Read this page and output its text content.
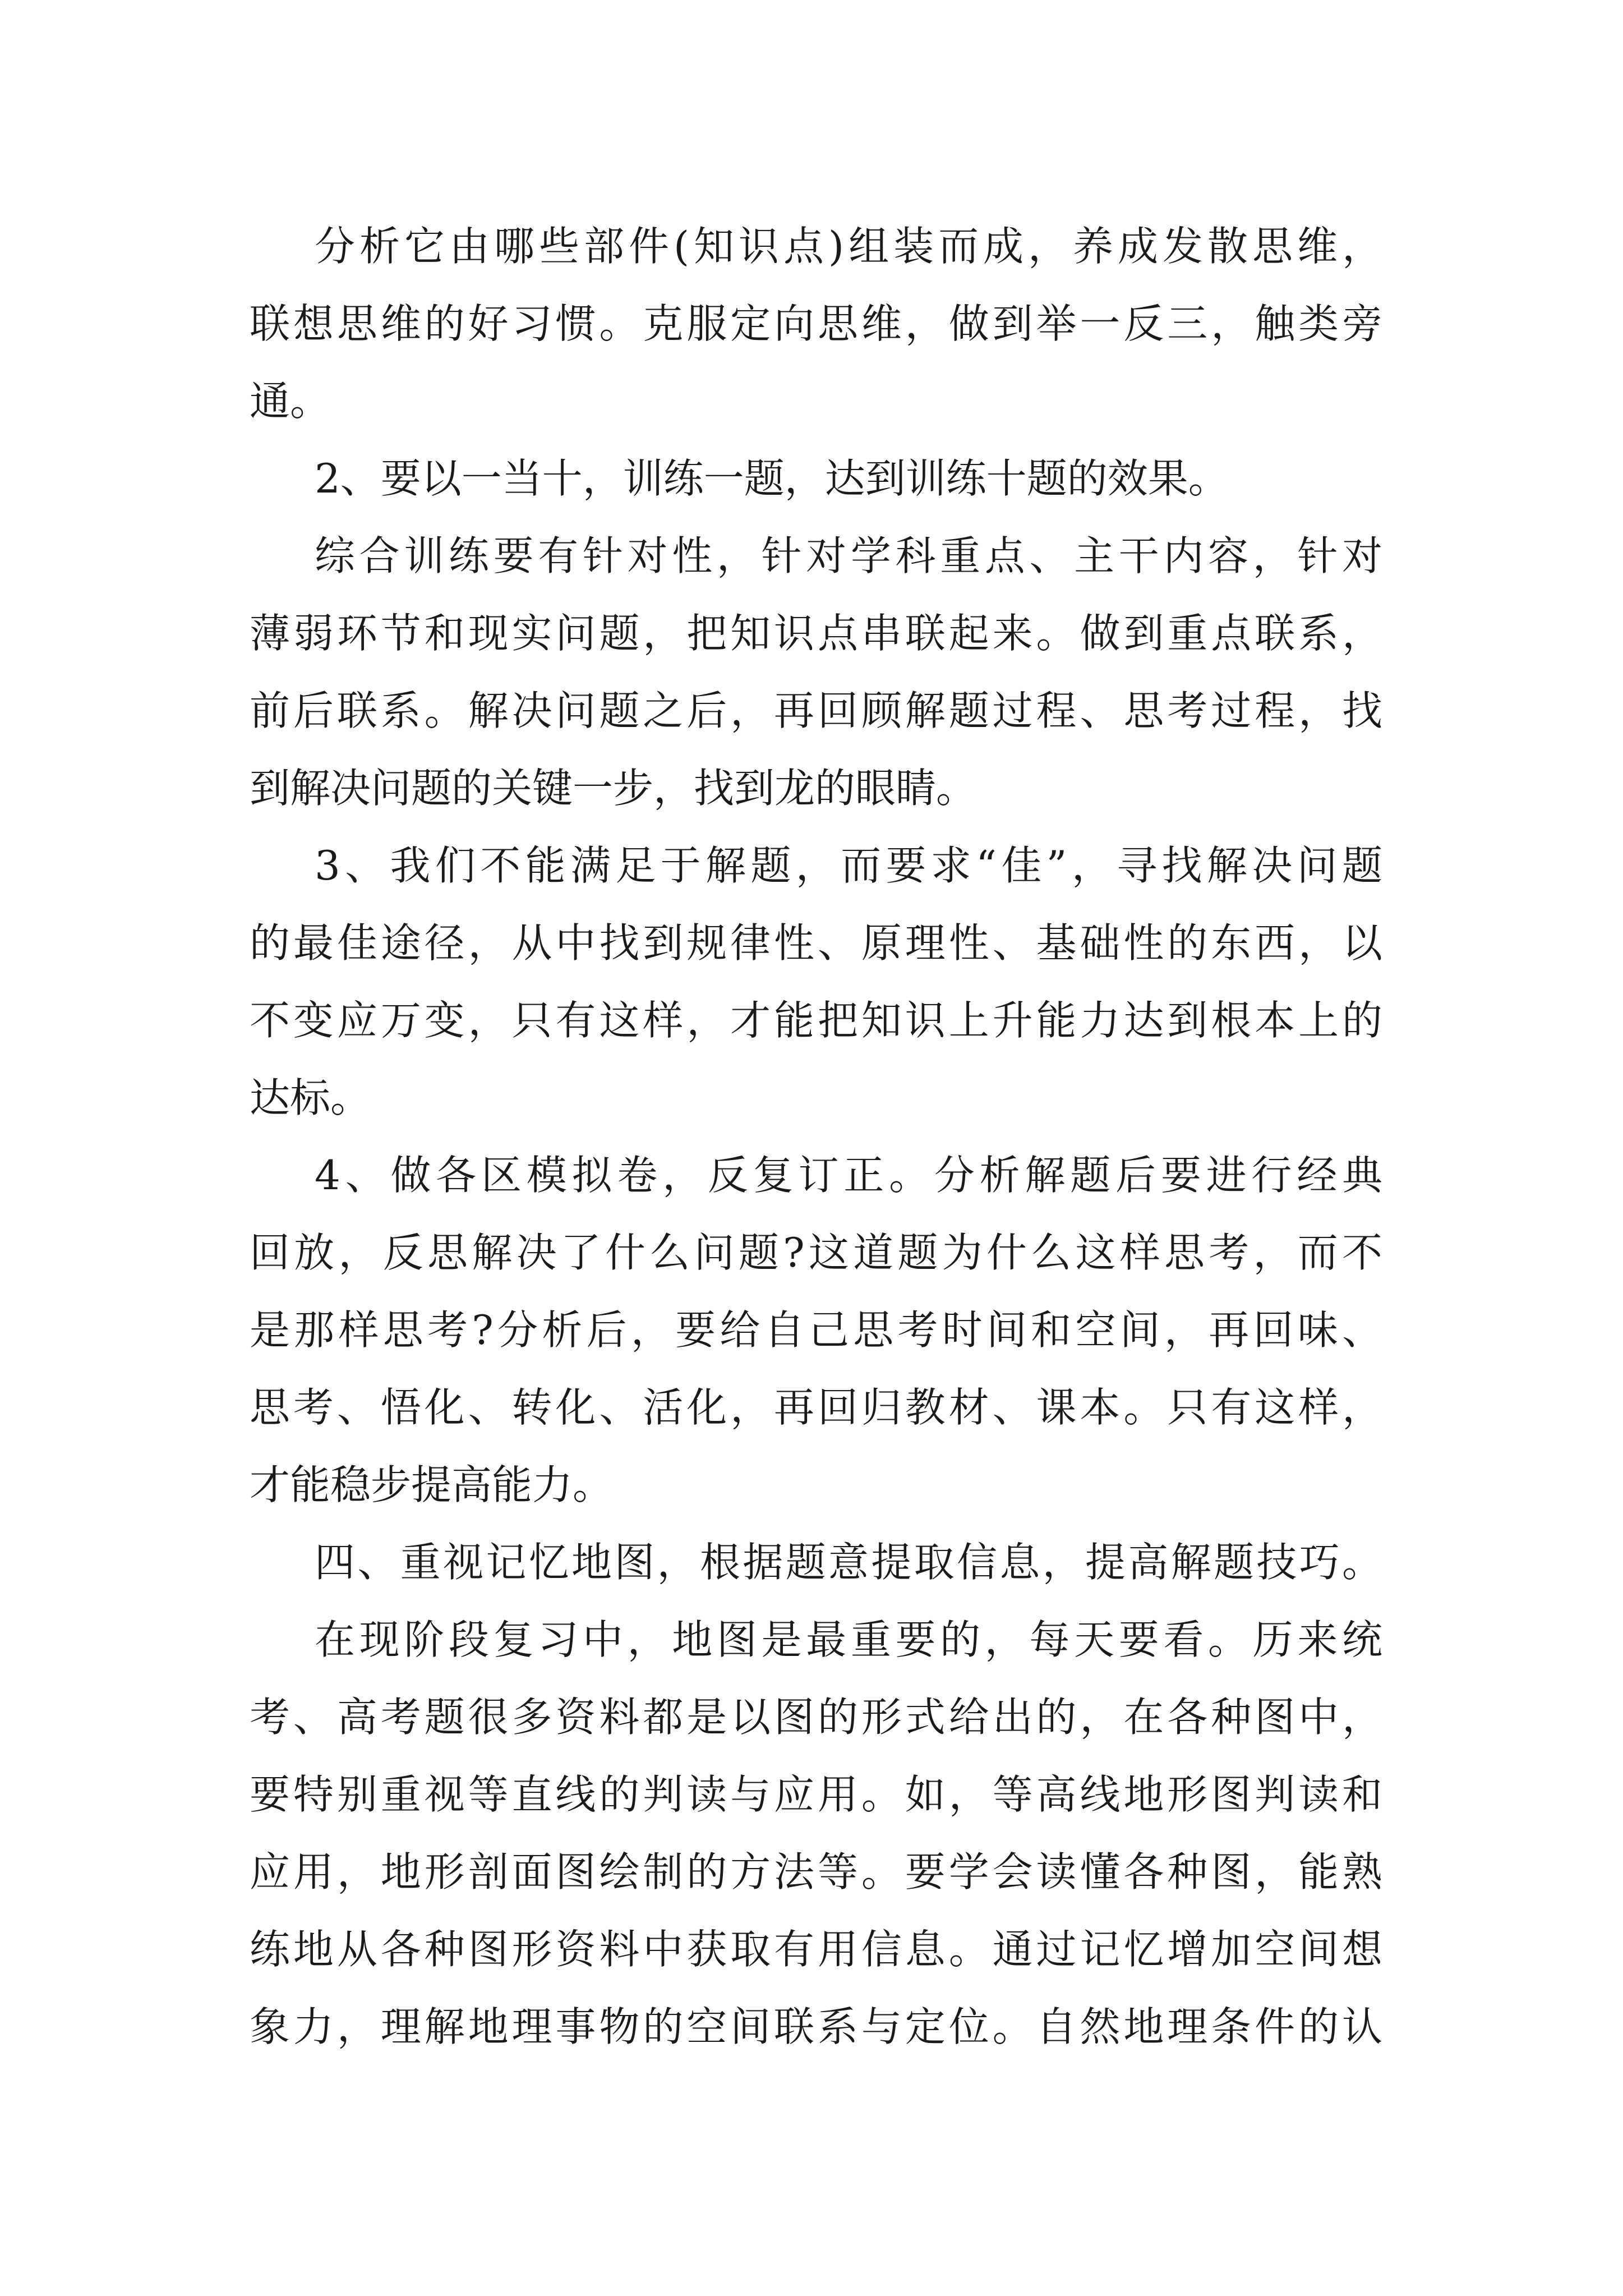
分析它由哪些部件(知识点)组装而成，养成发散思维，
联想思维的好习惯。克服定向思维，做到举一反三，触类旁
通。
2、要以一当十，训练一题，达到训练十题的效果。
综合训练要有针对性，针对学科重点、主干内容，针对
薄弱环节和现实问题，把知识点串联起来。做到重点联系，
前后联系。解决问题之后，再回顾解题过程、思考过程，找
到解决问题的关键一步，找到龙的眼睛。
3、我们不能满足于解题，而要求“佳”，寻找解决问题
的最佳途径，从中找到规律性、原理性、基础性的东西，以
不变应万变，只有这样，才能把知识上升能力达到根本上的
达标。
4、做各区模拟卷，反复订正。分析解题后要进行经典
回放，反思解决了什么问题?这道题为什么这样思考，而不
是那样思考?分析后，要给自己思考时间和空间，再回味、
思考、悟化、转化、活化，再回归教材、课本。只有这样，
才能稳步提高能力。
四、重视记忆地图，根据题意提取信息，提高解题技巧。
在现阶段复习中，地图是最重要的，每天要看。历来统
考、高考题很多资料都是以图的形式给出的，在各种图中，
要特别重视等直线的判读与应用。如，等高线地形图判读和
应用，地形剖面图绘制的方法等。要学会读懂各种图，能熟
练地从各种图形资料中获取有用信息。通过记忆增加空间想
象力，理解地理事物的空间联系与定位。自然地理条件的认
